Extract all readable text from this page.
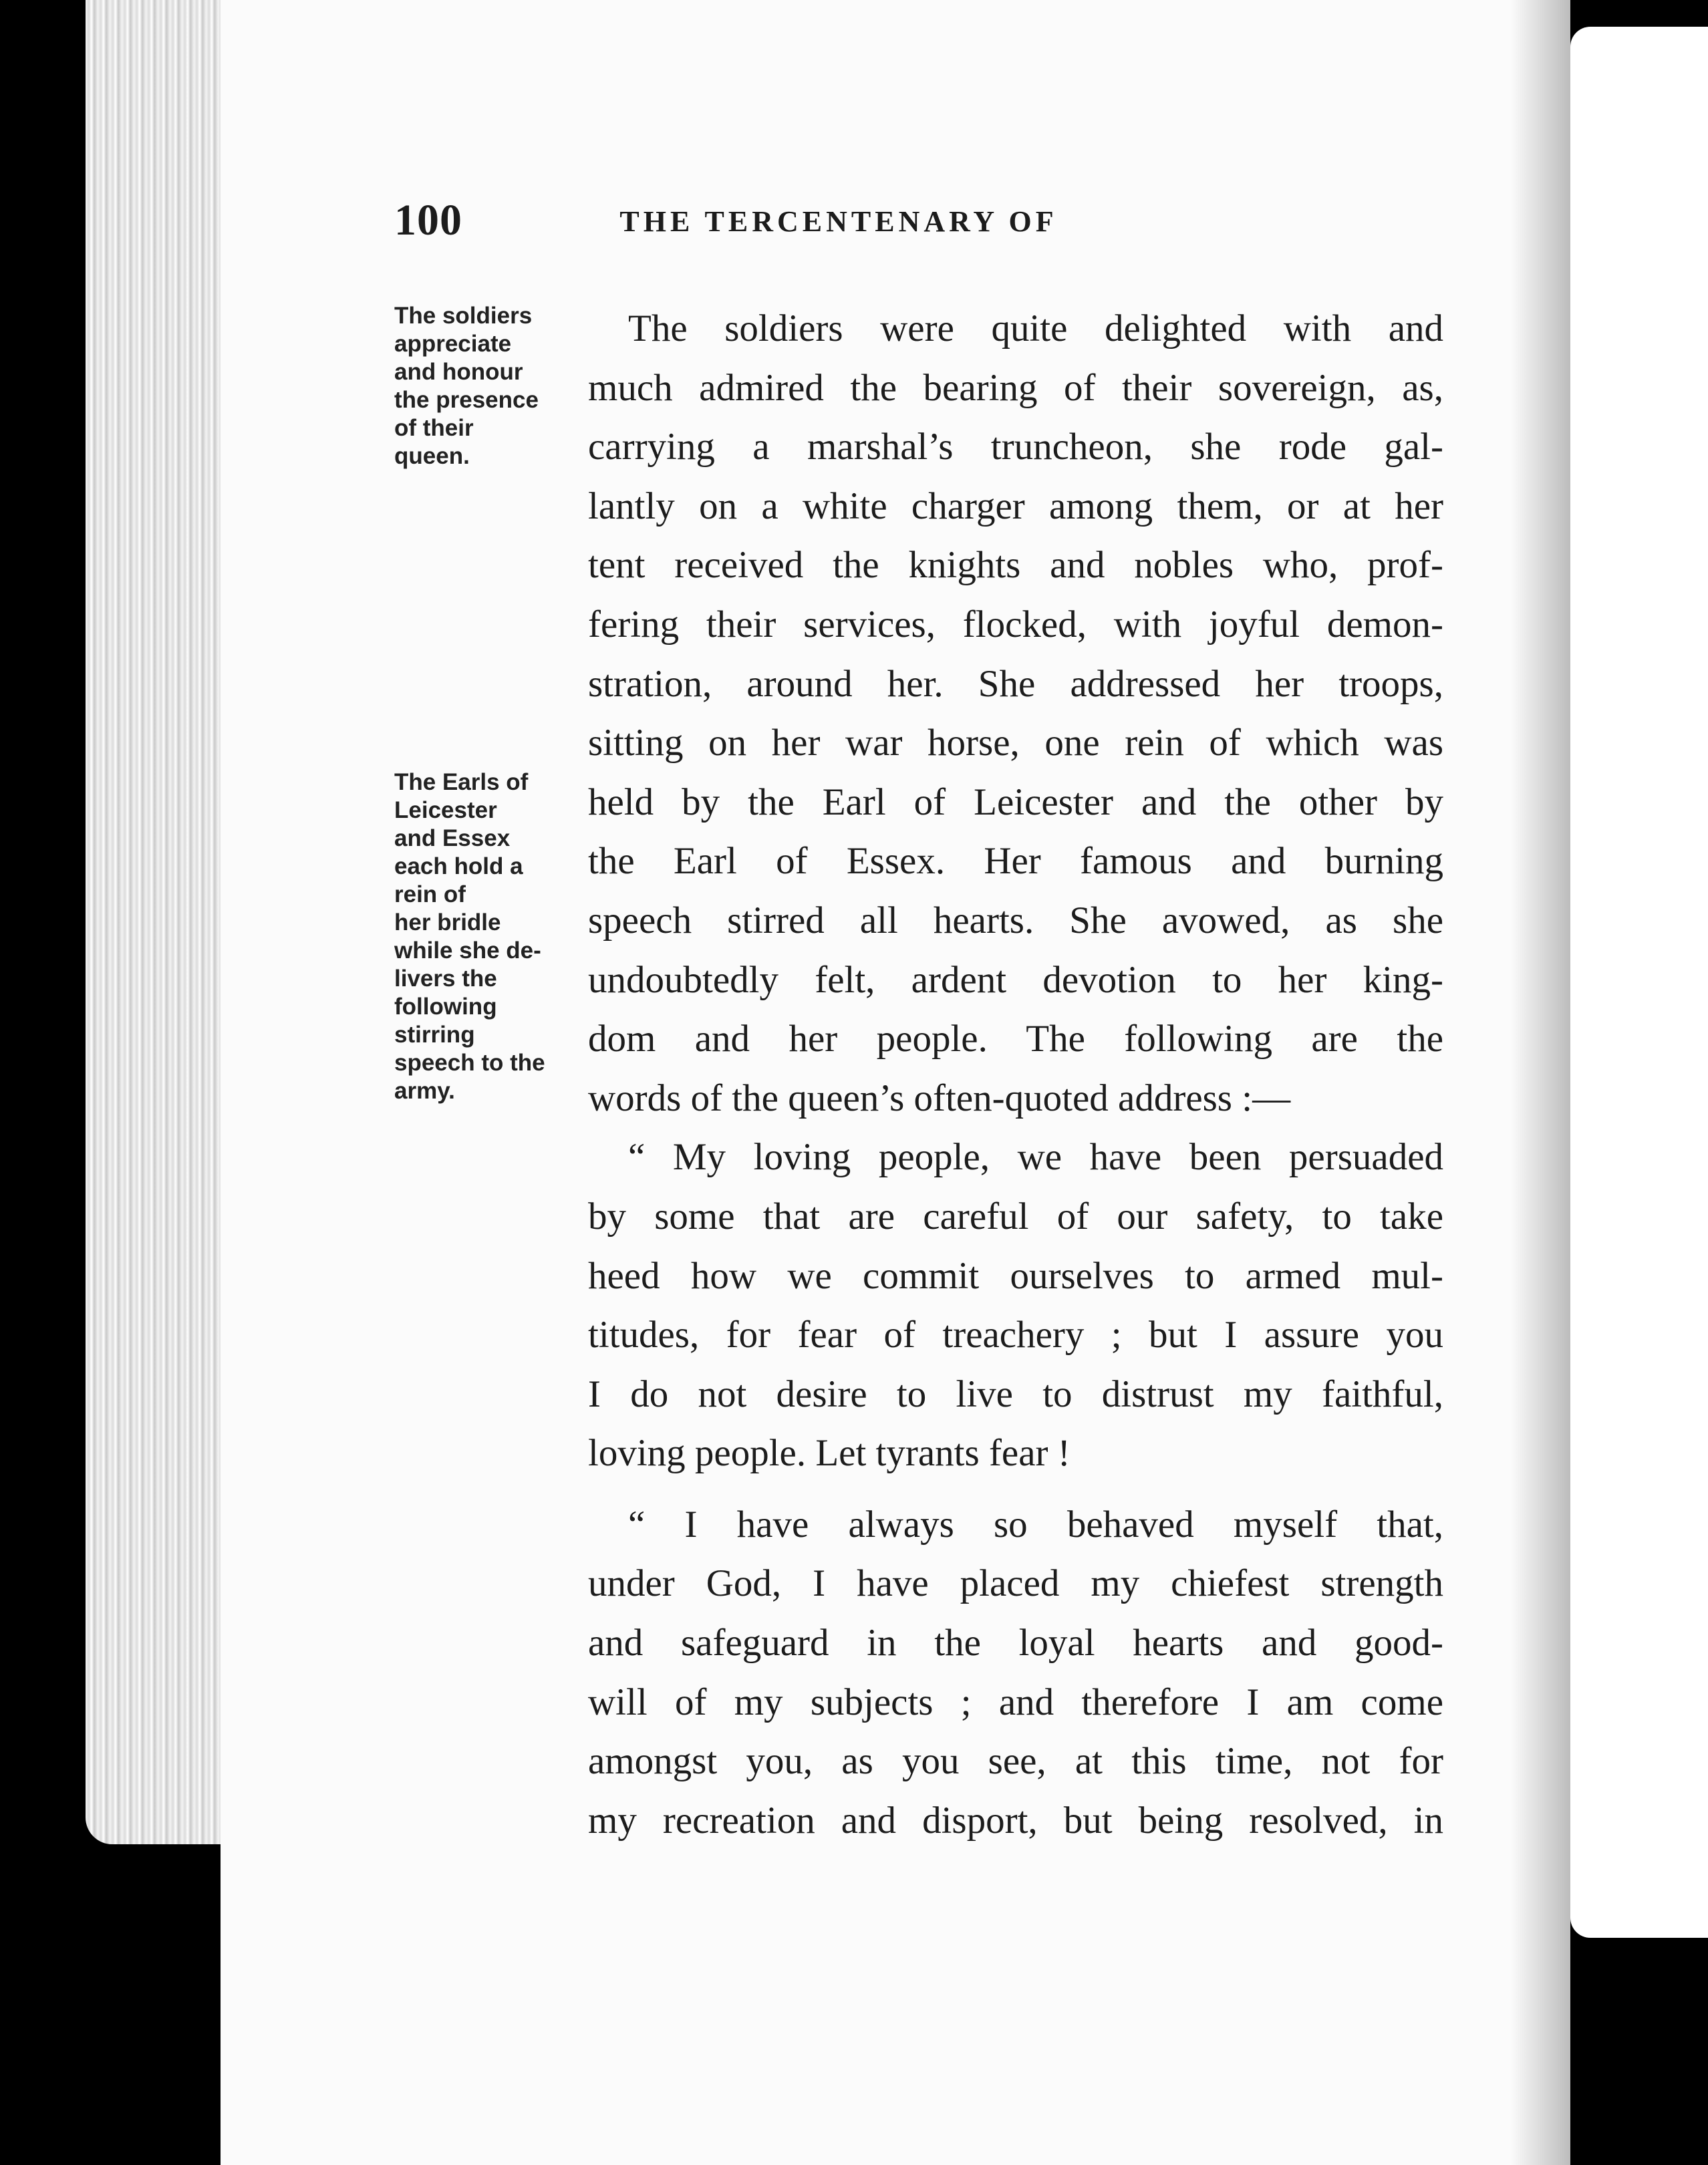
100	THE TERCENTENARY OF
The soldiers
appreciate
and honour
the presence
of their
queen.
The Earls of
Leicester
and Essex
each hold a
rein of
her bridle
while she de-
livers the
following
stirring
speech to the
army.
The soldiers were quite delighted with and
much admired the bearing of their sovereign, as,
carrying a marshal’s truncheon, she rode gal-
lantly on a white charger among them, or at her
tent received the knights and nobles who, prof-
fering their services, flocked, with joyful demon-
stration, around her. She addressed her troops,
sitting on her war horse, one rein of which was
held by the Earl of Leicester and the other by
the Earl of Essex. Her famous and burning
speech stirred all hearts. She avowed, as she
undoubtedly felt, ardent devotion to her king-
dom and her people. The following are the
words of the queen’s often-quoted address :—
“ My loving people, we have been persuaded
by some that are careful of our safety, to take
heed how we commit ourselves to armed mul-
titudes, for fear of treachery ; but I assure you
I do not desire to live to distrust my faithful,
loving people. Let tyrants fear !
“ I have always so behaved myself that,
under God, I have placed my chiefest strength
and safeguard in the loyal hearts and good-
will of my subjects ; and therefore I am come
amongst you, as you see, at this time, not for
my recreation and disport, but being resolved, in
